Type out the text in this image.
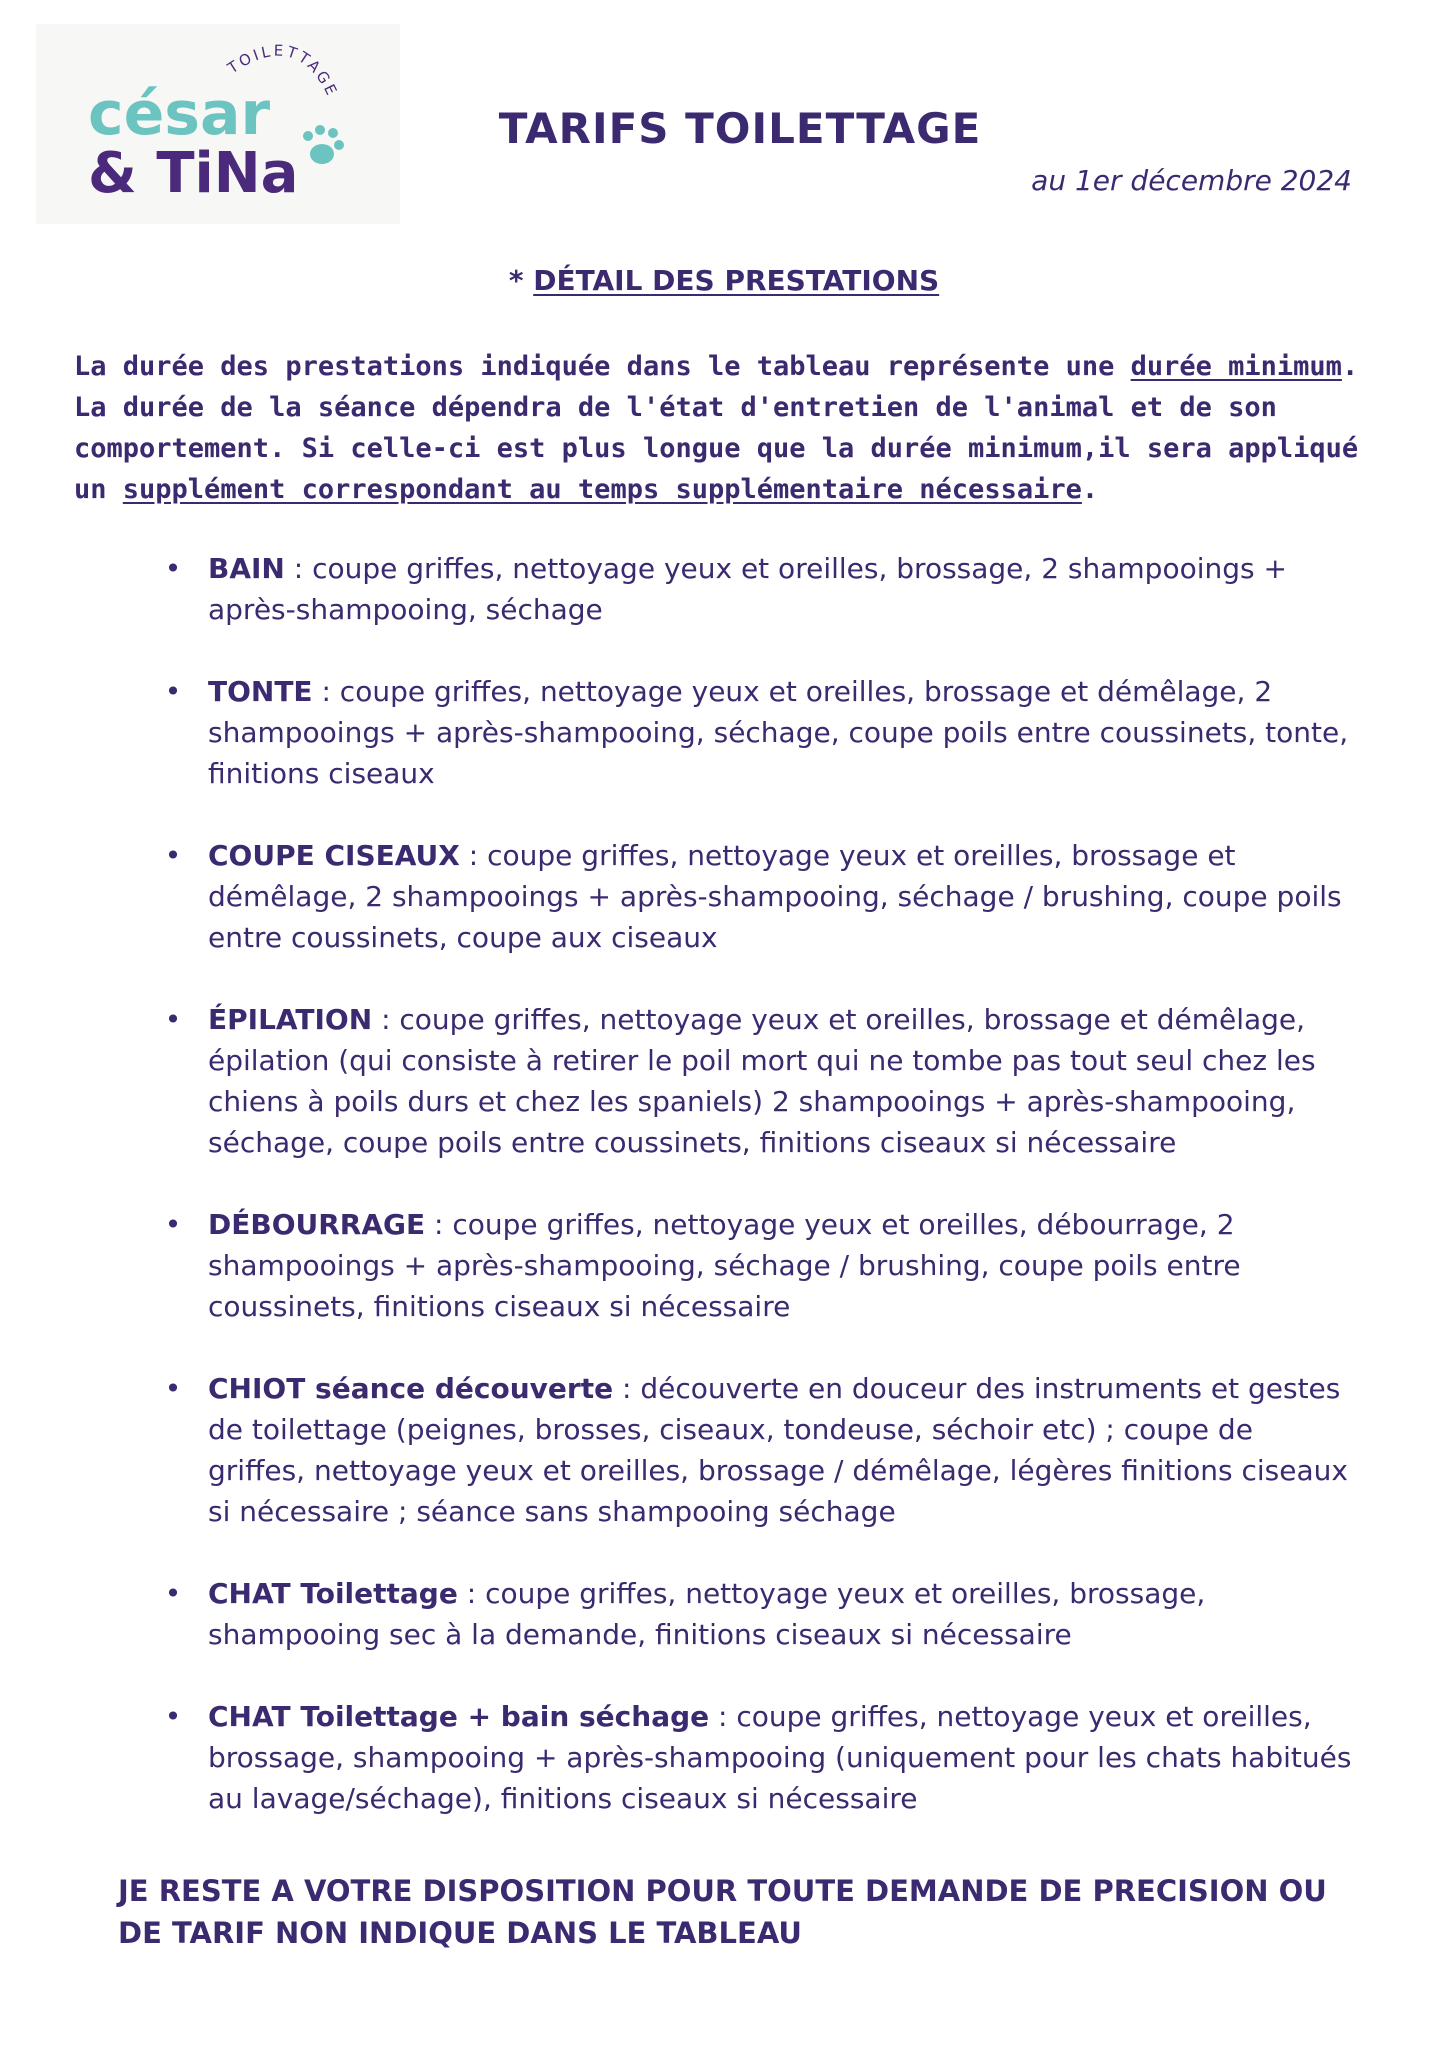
TOILETTAGE
césar
& TiNa
TARIFS TOILETTAGE
au 1er décembre 2024
* DÉTAIL DES PRESTATIONS
La durée des prestations indiquée dans le tableau représente une durée minimum. La durée de la séance dépendra de l'état d'entretien de l'animal et de son comportement. Si celle-ci est plus longue que la durée minimum,il sera appliqué un supplément correspondant au temps supplémentaire nécessaire.
• BAIN : coupe griffes, nettoyage yeux et oreilles, brossage, 2 shampooings + après-shampooing, séchage
• TONTE : coupe griffes, nettoyage yeux et oreilles, brossage et démêlage, 2 shampooings + après-shampooing, séchage, coupe poils entre coussinets, tonte, finitions ciseaux
• COUPE CISEAUX : coupe griffes, nettoyage yeux et oreilles, brossage et démêlage, 2 shampooings + après-shampooing, séchage / brushing, coupe poils entre coussinets, coupe aux ciseaux
• ÉPILATION : coupe griffes, nettoyage yeux et oreilles, brossage et démêlage, épilation (qui consiste à retirer le poil mort qui ne tombe pas tout seul chez les chiens à poils durs et chez les spaniels) 2 shampooings + après-shampooing, séchage, coupe poils entre coussinets, finitions ciseaux si nécessaire
• DÉBOURRAGE : coupe griffes, nettoyage yeux et oreilles, débourrage, 2 shampooings + après-shampooing, séchage / brushing, coupe poils entre coussinets, finitions ciseaux si nécessaire
• CHIOT séance découverte : découverte en douceur des instruments et gestes de toilettage (peignes, brosses, ciseaux, tondeuse, séchoir etc) ; coupe de griffes, nettoyage yeux et oreilles, brossage / démêlage, légères finitions ciseaux si nécessaire ; séance sans shampooing séchage
• CHAT Toilettage : coupe griffes, nettoyage yeux et oreilles, brossage, shampooing sec à la demande, finitions ciseaux si nécessaire
• CHAT Toilettage + bain séchage : coupe griffes, nettoyage yeux et oreilles, brossage, shampooing + après-shampooing (uniquement pour les chats habitués au lavage/séchage), finitions ciseaux si nécessaire
JE RESTE A VOTRE DISPOSITION POUR TOUTE DEMANDE DE PRECISION OU DE TARIF NON INDIQUE DANS LE TABLEAU
